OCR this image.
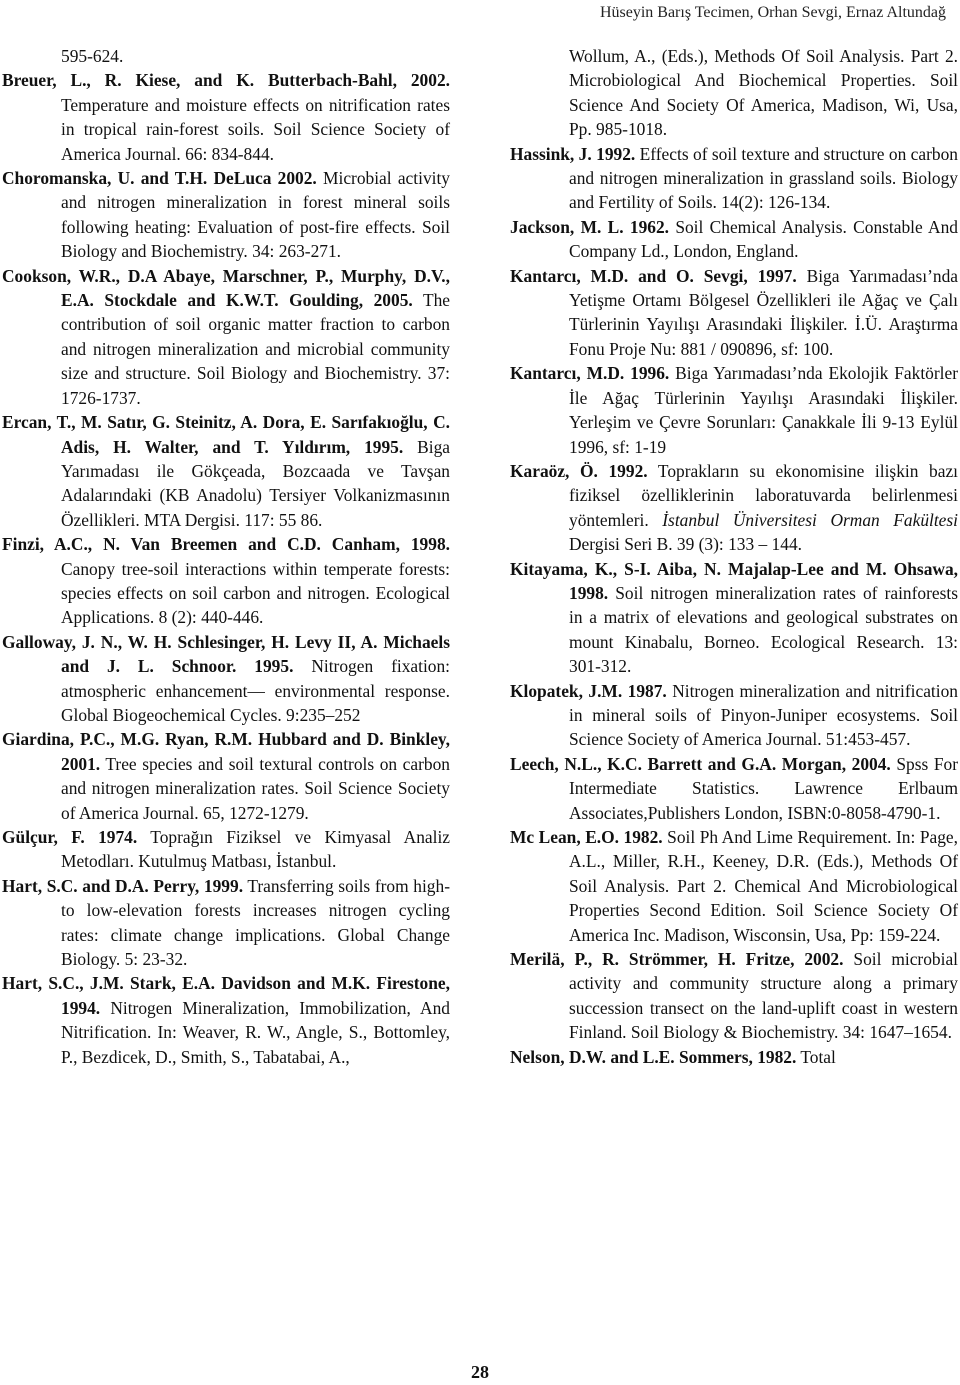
Hüseyin Barış Tecimen, Orhan Sevgi, Ernaz Altundağ

595-624.

Breuer, L., R. Kiese, and K. Butterbach-Bahl, 2002. Temperature and moisture effects on nitrification rates in tropical rain-forest soils. Soil Science Society of America Journal. 66: 834-844.

Choromanska, U. and T.H. DeLuca 2002. Microbial activity and nitrogen mineralization in forest mineral soils following heating: Evaluation of post-fire effects. Soil Biology and Biochemistry. 34: 263-271.

Cookson, W.R., D.A Abaye, Marschner, P., Murphy, D.V., E.A. Stockdale and K.W.T. Goulding, 2005. The contribution of soil organic matter fraction to carbon and nitrogen mineralization and microbial community size and structure. Soil Biology and Biochemistry. 37: 1726-1737.

Ercan, T., M. Satır, G. Steinitz, A. Dora, E. Sarıfakıoğlu, C. Adis, H. Walter, and T. Yıldırım, 1995. Biga Yarımadası ile Gökçeada, Bozcaada ve Tavşan Adalarındaki (KB Anadolu) Tersiyer Volkanizmasının Özellikleri. MTA Dergisi. 117: 55 86.

Finzi, A.C., N. Van Breemen and C.D. Canham, 1998. Canopy tree-soil interactions within temperate forests: species effects on soil carbon and nitrogen. Ecological Applications. 8 (2): 440-446.

Galloway, J. N., W. H. Schlesinger, H. Levy II, A. Michaels and J. L. Schnoor. 1995. Nitrogen fixation: atmospheric enhancement— environmental response. Global Biogeochemical Cycles. 9:235–252

Giardina, P.C., M.G. Ryan, R.M. Hubbard and D. Binkley, 2001. Tree species and soil textural controls on carbon and nitrogen mineralization rates. Soil Science Society of America Journal. 65, 1272-1279.

Gülçur, F. 1974. Toprağın Fiziksel ve Kimyasal Analiz Metodları. Kutulmuş Matbası, İstanbul.

Hart, S.C. and D.A. Perry, 1999. Transferring soils from high- to low-elevation forests increases nitrogen cycling rates: climate change implications. Global Change Biology. 5: 23-32.

Hart, S.C., J.M. Stark, E.A. Davidson and M.K. Firestone, 1994. Nitrogen Mineralization, Immobilization, And Nitrification. In: Weaver, R. W., Angle, S., Bottomley, P., Bezdicek, D., Smith, S., Tabatabai, A.,

Wollum, A., (Eds.), Methods Of Soil Analysis. Part 2. Microbiological And Biochemical Properties. Soil Science And Society Of America, Madison, Wi, Usa, Pp. 985-1018.

Hassink, J. 1992. Effects of soil texture and structure on carbon and nitrogen mineralization in grassland soils. Biology and Fertility of Soils. 14(2): 126-134.

Jackson, M. L. 1962. Soil Chemical Analysis. Constable And Company Ld., London, England.

Kantarcı, M.D. and O. Sevgi, 1997. Biga Yarımadası’nda Yetişme Ortamı Bölgesel Özellikleri ile Ağaç ve Çalı Türlerinin Yayılışı Arasındaki İlişkiler. İ.Ü. Araştırma Fonu Proje Nu: 881 / 090896, sf: 100.

Kantarcı, M.D. 1996. Biga Yarımadası’nda Ekolojik Faktörler İle Ağaç Türlerinin Yayılışı Arasındaki İlişkiler. Yerleşim ve Çevre Sorunları: Çanakkale İli 9-13 Eylül 1996, sf: 1-19

Karaöz, Ö. 1992. Toprakların su ekonomisine ilişkin bazı fiziksel özelliklerinin laboratuvarda belirlenmesi yöntemleri. İstanbul Üniversitesi Orman Fakültesi Dergisi Seri B. 39 (3): 133 – 144.

Kitayama, K., S-I. Aiba, N. Majalap-Lee and M. Ohsawa, 1998. Soil nitrogen mineralization rates of rainforests in a matrix of elevations and geological substrates on mount Kinabalu, Borneo. Ecological Research. 13: 301-312.

Klopatek, J.M. 1987. Nitrogen mineralization and nitrification in mineral soils of Pinyon-Juniper ecosystems. Soil Science Society of America Journal. 51:453-457.

Leech, N.L., K.C. Barrett and G.A. Morgan, 2004. Spss For Intermediate Statistics. Lawrence Erlbaum Associates,Publishers London, ISBN:0-8058-4790-1.

Mc Lean, E.O. 1982. Soil Ph And Lime Requirement. In: Page, A.L., Miller, R.H., Keeney, D.R. (Eds.), Methods Of Soil Analysis. Part 2. Chemical And Microbiological Properties Second Edition. Soil Science Society Of America Inc. Madison, Wisconsin, Usa, Pp: 159-224.

Merilä, P., R. Strömmer, H. Fritze, 2002. Soil microbial activity and community structure along a primary succession transect on the land-uplift coast in western Finland. Soil Biology & Biochemistry. 34: 1647–1654.

Nelson, D.W. and L.E. Sommers, 1982. Total

28
